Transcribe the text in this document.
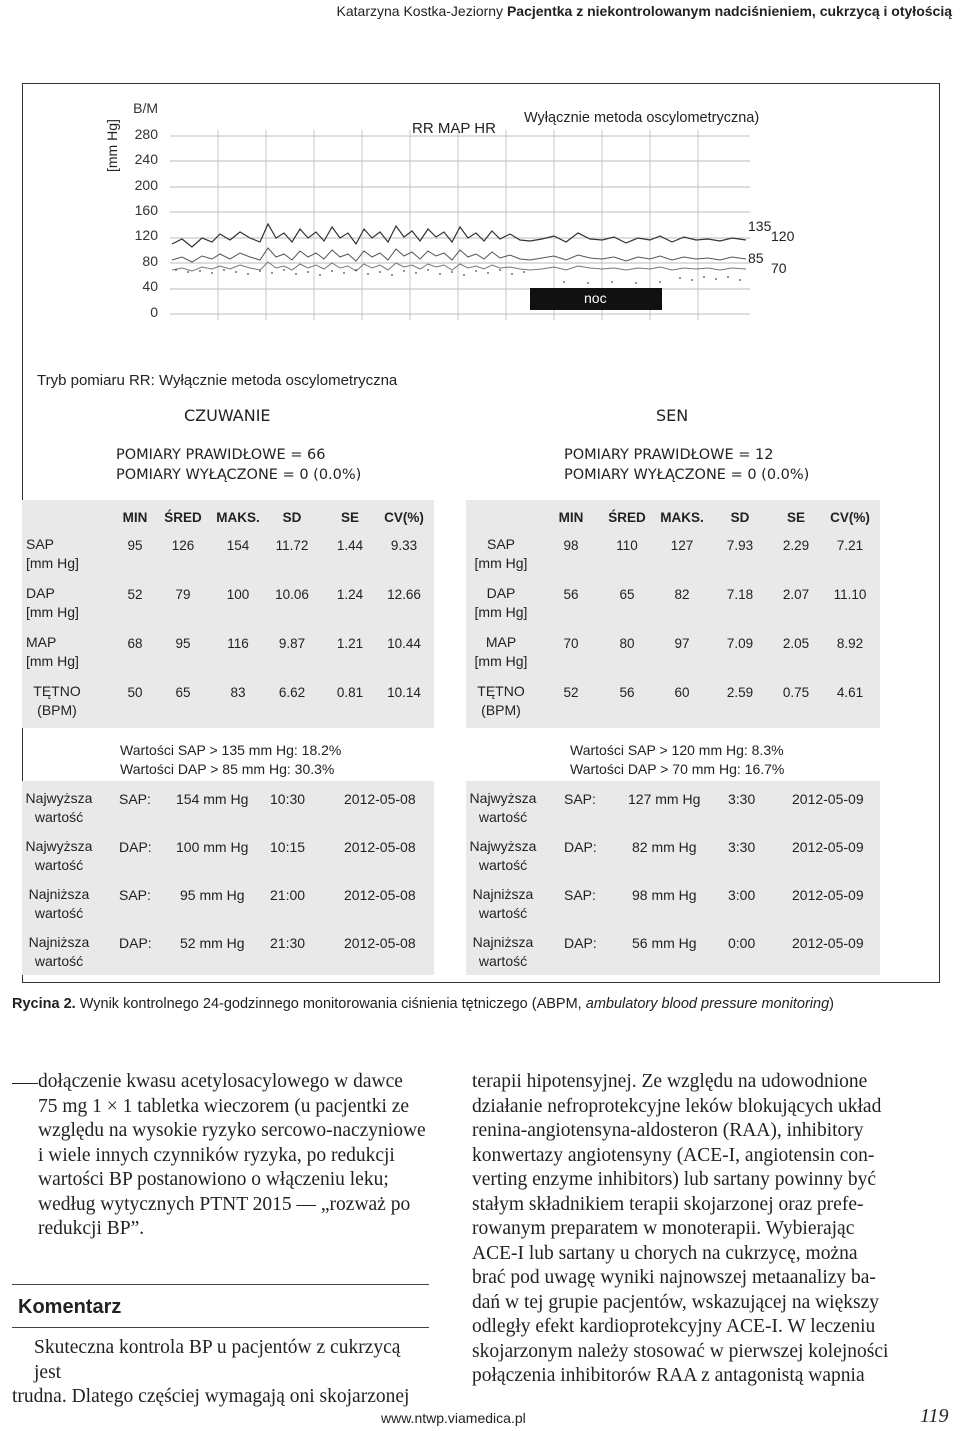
Katarzyna Kostka-Jeziorny Pacjentka z niekontrolowanym nadciśnieniem, cukrzycą i otyłością
[mm Hg]
B/M
280
240
200
160
120
80
40
0
RR MAP HR
Wyłącznie metoda oscylometryczna)
noc
135
120
85
70
Tryb pomiaru RR: Wyłącznie metoda oscylometryczna
CZUWANIE
POMIARY PRAWIDŁOWE = 66
POMIARY WYŁĄCZONE = 0 (0.0%)
SEN
POMIARY PRAWIDŁOWE = 12
POMIARY WYŁĄCZONE = 0 (0.0%)
MIN	ŚRED	MAKS.	SD	SE	CV(%)
SAP
[mm Hg]
95	126	154	11.72	1.44	9.33
DAP
[mm Hg]
52	79	100	10.06	1.24	12.66
MAP
[mm Hg]
68	95	116	9.87	1.21	10.44
TĘTNO
(BPM)
50	65	83	6.62	0.81	10.14
MIN	ŚRED	MAKS.	SD	SE	CV(%)
SAP
[mm Hg]
98	110	127	7.93	2.29	7.21
DAP
[mm Hg]
56	65	82	7.18	2.07	11.10
MAP
[mm Hg]
70	80	97	7.09	2.05	8.92
TĘTNO
(BPM)
52	56	60	2.59	0.75	4.61
Wartości SAP > 135 mm Hg: 18.2%
Wartości DAP > 85 mm Hg: 30.3%
Wartości SAP > 120 mm Hg: 8.3%
Wartości DAP > 70 mm Hg: 16.7%
Najwyższa
wartość
SAP: 154 mm Hg 10:30	2012-05-08
Najwyższa
wartość
DAP: 100 mm Hg 10:15	2012-05-08
Najniższa
wartość
SAP: 95 mm Hg 21:00	2012-05-08
Najniższa
wartość
DAP: 52 mm Hg 21:30	2012-05-08
Najwyższa
wartość
SAP: 127 mm Hg 3:30	2012-05-09
Najwyższa
wartość
DAP:	82 mm Hg 3:30	2012-05-09
Najniższa
wartość
SAP:	98 mm Hg 3:00	2012-05-09
Najniższa
wartość
DAP:	56 mm Hg 0:00	2012-05-09
Rycina 2. Wynik kontrolnego 24-godzinnego monitorowania ciśnienia tętniczego (ABPM, ambulatory blood pressure monitoring)
dołączenie kwasu acetylosacylowego w dawce
75 mg 1 × 1 tabletka wieczorem (u pacjentki ze
względu na wysokie ryzyko sercowo-naczyniowe
i wiele innych czynników ryzyka, po redukcji
wartości BP postanowiono o włączeniu leku;
według wytycznych PTNT 2015 — „rozważ po
redukcji BP”.
Komentarz
Skuteczna kontrola BP u pacjentów z cukrzycą jest
trudna. Dlatego częściej wymagają oni skojarzonej
terapii hipotensyjnej. Ze względu na udowodnione
działanie nefroprotekcyjne leków blokujących układ
renina-angiotensyna-aldosteron (RAA), inhibitory
konwertazy angiotensyny (ACE-I, angiotensin con-
verting enzyme inhibitors) lub sartany powinny być
stałym składnikiem terapii skojarzonej oraz prefe-
rowanym preparatem w monoterapii. Wybierając
ACE-I lub sartany u chorych na cukrzycę, można
brać pod uwagę wyniki najnowszej metaanalizy ba-
dań w tej grupie pacjentów, wskazującej na większy
odległy efekt kardioprotekcyjny ACE-I. W leczeniu
skojarzonym należy stosować w pierwszej kolejności
połączenia inhibitorów RAA z antagonistą wapnia
www.ntwp.viamedica.pl	119
